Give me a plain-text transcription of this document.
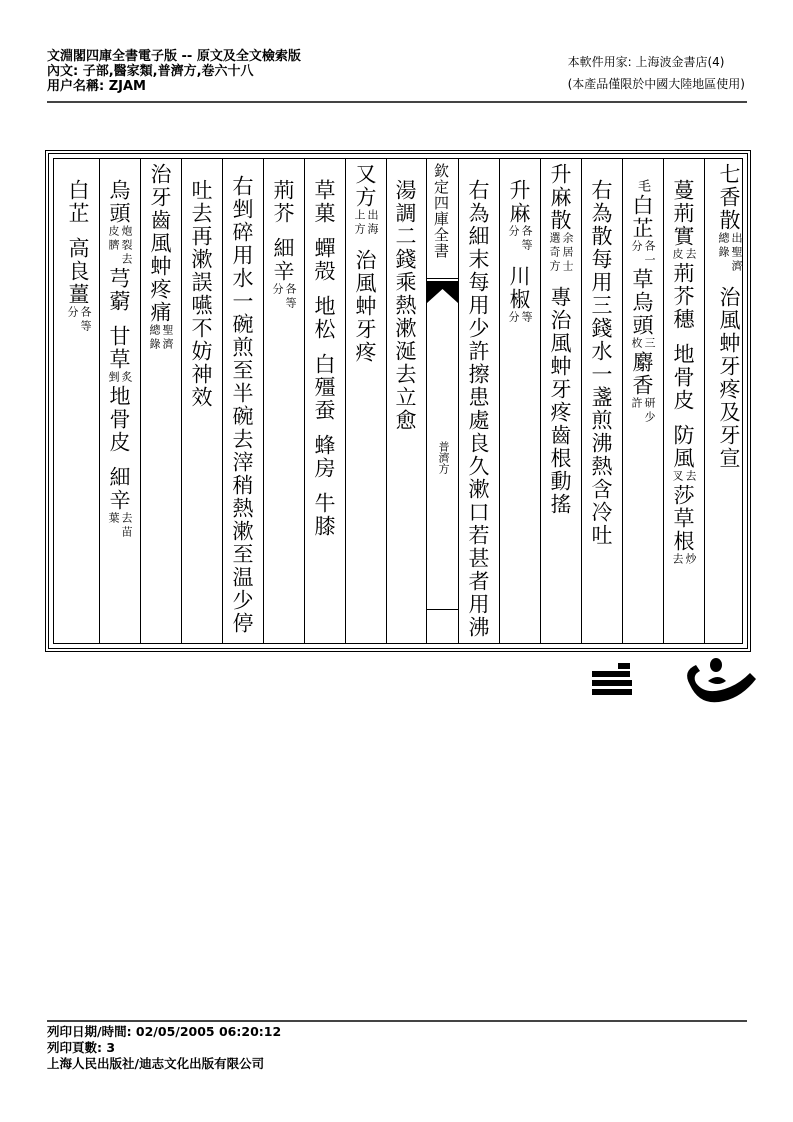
文淵閣四庫全書電子版 -- 原文及全文檢索版
內文: 子部,醫家類,普濟方,卷六十八
用户名稱: ZJAM
本軟件用家: 上海波金書店(4)
(本產品僅限於中國大陸地區使用)
欽定四庫全書
普濟方
七香散出聖濟總錄治風蚛牙疼及牙宣
蔓荊實去皮荊芥穗地骨皮防風去叉莎草根炒去
毛白芷各一分草烏頭三枚麝香研少許
右為散每用三錢水一盞煎沸熱含冷吐
升麻散余居士選奇方專治風蚛牙疼齒根動搖
升麻各等分川椒等分
右為細末每用少許擦患處良久漱口若甚者用沸
湯調二錢乘熱漱涎去立愈
又方出海上方治風蚛牙疼
草菓蟬殻地松白殭蚕蜂房牛膝
荊芥細辛各等分
右剉碎用水一碗煎至半碗去滓稍熱漱至温少停
吐去再漱誤嚥不妨神效
治牙齒風蚛疼痛聖濟總錄
烏頭炮裂去皮臍芎藭甘草炙剉地骨皮細辛去苗葉
白芷高良薑各等分
列印日期/時間: 02/05/2005 06:20:12
列印頁數: 3
上海人民出版社/迪志文化出版有限公司
